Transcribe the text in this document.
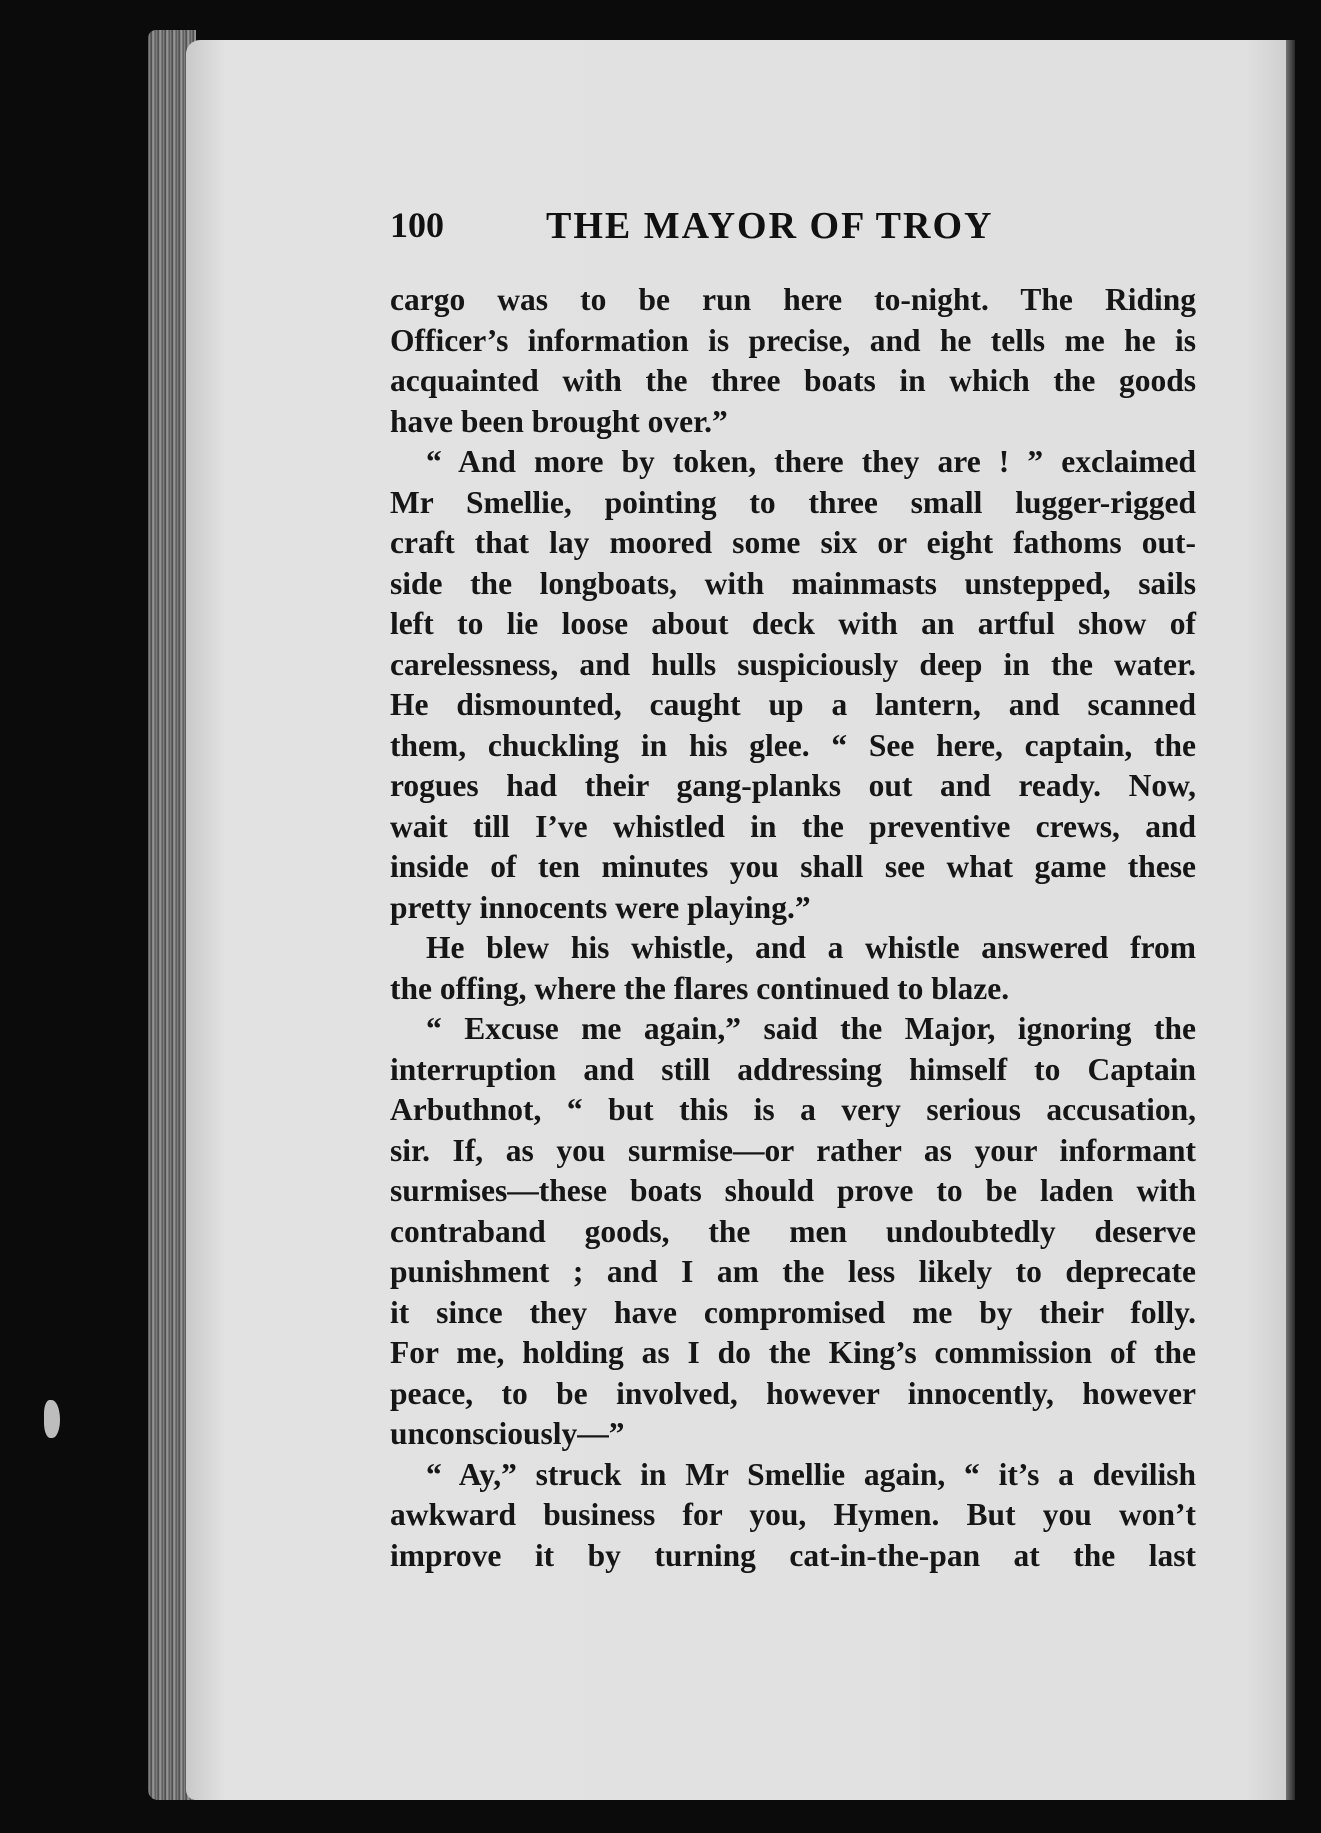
100	THE MAYOR OF TROY
cargo was to be run here to-night. The Riding
Officer’s information is precise, and he tells me he is
acquainted with the three boats in which the goods
have been brought over.”
“ And more by token, there they are ! ” exclaimed
Mr Smellie, pointing to three small lugger-rigged
craft that lay moored some six or eight fathoms out-
side the longboats, with mainmasts unstepped, sails
left to lie loose about deck with an artful show of
carelessness, and hulls suspiciously deep in the water.
He dismounted, caught up a lantern, and scanned
them, chuckling in his glee. “ See here, captain, the
rogues had their gang-planks out and ready. Now,
wait till I’ve whistled in the preventive crews, and
inside of ten minutes you shall see what game these
pretty innocents were playing.”
He blew his whistle, and a whistle answered from
the offing, where the flares continued to blaze.
“ Excuse me again,” said the Major, ignoring the
interruption and still addressing himself to Captain
Arbuthnot, “ but this is a very serious accusation,
sir. If, as you surmise—or rather as your informant
surmises—these boats should prove to be laden with
contraband goods, the men undoubtedly deserve
punishment ; and I am the less likely to deprecate
it since they have compromised me by their folly.
For me, holding as I do the King’s commission of the
peace, to be involved, however innocently, however
unconsciously—”
“ Ay,” struck in Mr Smellie again, “ it’s a devilish
awkward business for you, Hymen. But you won’t
improve it by turning cat-in-the-pan at the last
